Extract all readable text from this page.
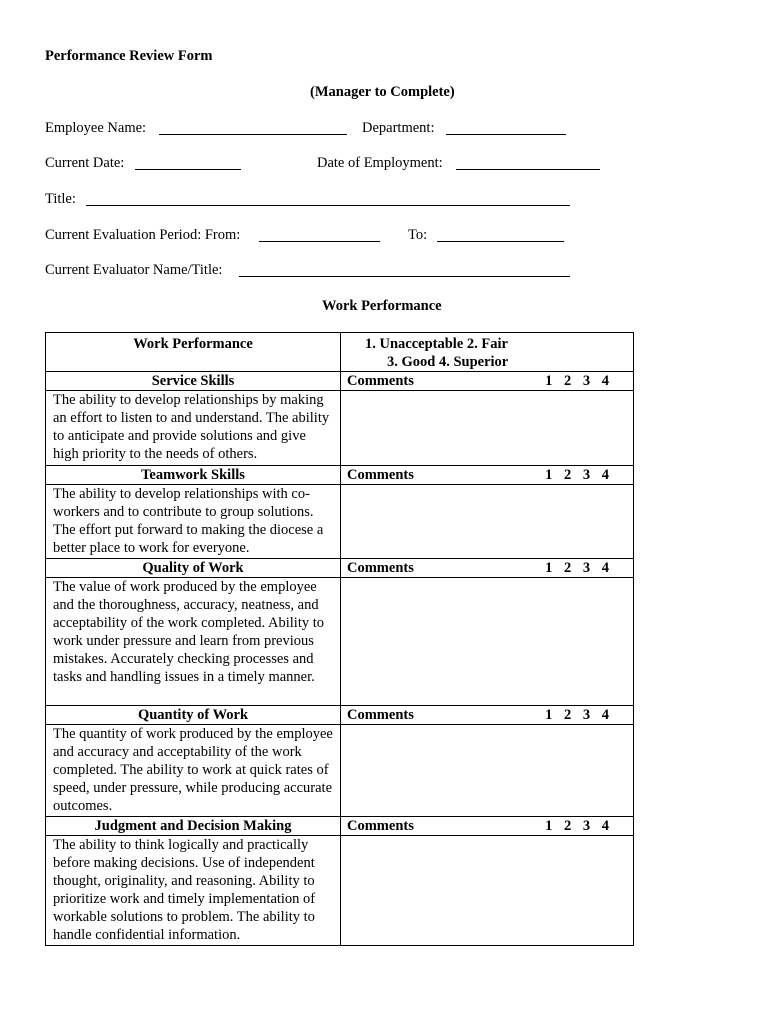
Performance Review Form
(Manager to Complete)
Employee Name:	Department:
Current Date:	Date of Employment:
Title:
Current Evaluation Period: From:	To:
Current Evaluator Name/Title:
Work Performance
Work Performance	1. Unacceptable 2. Fair
3. Good 4. Superior

Service Skills	Comments 1 2 3 4

The ability to develop relationships by making an effort to listen to and understand. The ability to anticipate and provide solutions and give high priority to the needs of others.	

Teamwork Skills	Comments 1 2 3 4

The ability to develop relationships with co-workers and to contribute to group solutions. The effort put forward to making the diocese a better place to work for everyone.	

Quality of Work	Comments 1 2 3 4

The value of work produced by the employee and the thoroughness, accuracy, neatness, and acceptability of the work completed. Ability to work under pressure and learn from previous mistakes. Accurately checking processes and tasks and handling issues in a timely manner.	

Quantity of Work	Comments 1 2 3 4

The quantity of work produced by the employee and accuracy and acceptability of the work completed. The ability to work at quick rates of speed, under pressure, while producing accurate outcomes.	

Judgment and Decision Making	Comments 1 2 3 4

The ability to think logically and practically before making decisions. Use of independent thought, originality, and reasoning. Ability to prioritize work and timely implementation of workable solutions to problem. The ability to handle confidential information.	
